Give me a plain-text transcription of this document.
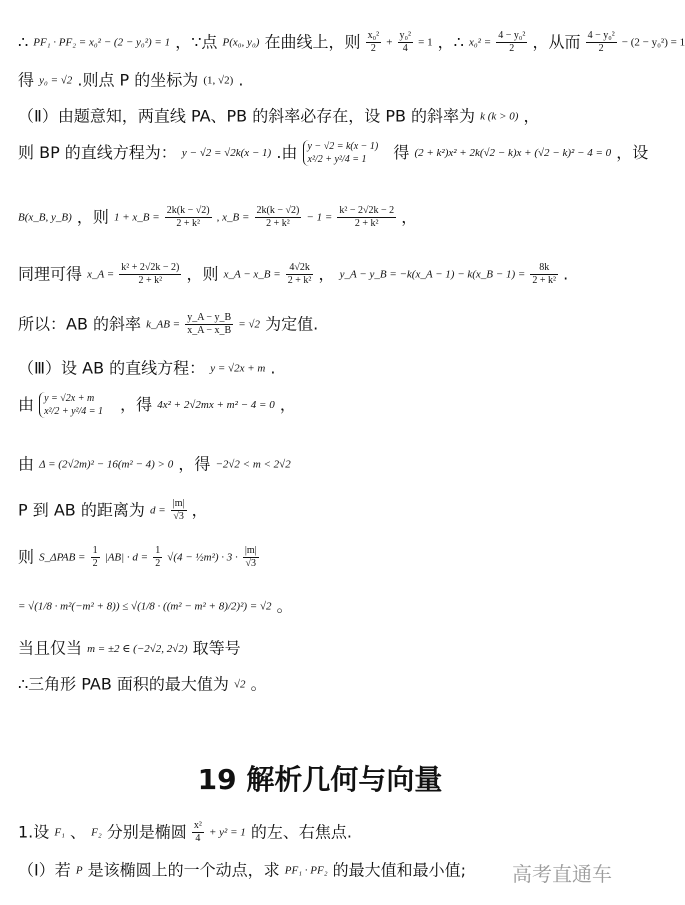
∴ PF₁ · PF₂ = x₀² − (2 − y₀²) = 1 ，∵点 P(x₀, y₀) 在曲线上，则 $\frac{\text{x₀²}}{2} + \frac{\text{y₀²}}{4} = 1$ ，∴ $x_0^2 = \frac{\text{4 − y₀²}}{2}$ ，从而 $\frac{\text{4 − y₀²}}{2} - (2 - y_0^2) = 1$
得 y₀ = √2 .则点 P 的坐标为 (1, √2) .
（Ⅱ）由题意知，两直线 PA、PB 的斜率必存在，设 PB 的斜率为 k (k > 0) ，
则 BP 的直线方程为： y − √2 = √2k(x − 1) .由 y − √2 = k(x − 1)
x²/2 + y²/4 = 1	得 (2 + k²)x² + 2k(√2 − k)x + (√2 − k)² − 4 = 0 ，设
B(x_B, y_B) ，则 1 + x_B = $\frac{2k(k - √2)}{\text{2 + k²}}$ , x_B = $\frac{2k(k - √2)}{\text{2 + k²}} - 1 = \frac{\text{k² − 2√2k − 2}}{\text{2 + k²}}$ ，
同理可得 x_A = $\frac{\text{k² + 2√2k − 2)}}{\text{2 + k²}}$ ，则 x_A − x_B = $\frac{4√2k}{\text{2 + k²}}$ ， y_A − y_B = −k(x_A − 1) − k(x_B − $1) = \frac{8k}{\text{2 + k²}}$ .
所以：AB 的斜率 k_AB = $\frac{y\_A - y\_B}{x\_A - x\_B} = √2$ 为定值.
（Ⅲ）设 AB 的直线方程： y = √2x + m .
由 y = √2x + m
x²/2 + y²/4 = 1 ，得 4x² + 2√2mx + m² − 4 = 0 ，
由 Δ = (2√2m)² − 16(m² − 4) > 0 ，得 −2√2 < m < 2√2
P 到 AB 的距离为 $d = \frac{|m|}{√3}$ ，
则 S_ΔPAB = $\frac{1}{2} |AB| \cdot d = \frac{1}{2} √(4$ − ½m²) · $3 \cdot \frac{|m|}{√3}$
= √(1/8 · m²(−m² + 8)) ≤ √(1/8 · ((m² − m² + 8)/2)²) = √2 。
当且仅当 m = ±2 ∈ (−2√2, 2√2) 取等号
∴三角形 PAB 面积的最大值为 √2 。
19 解析几何与向量
1.设 F₁ 、 F₂ 分别是椭圆 $\frac{\text{x²}}{4} + y^2 = 1$ 的左、右焦点.
（Ⅰ）若 P 是该椭圆上的一个动点，求 PF₁ · PF₂ 的最大值和最小值;	高考直通车
